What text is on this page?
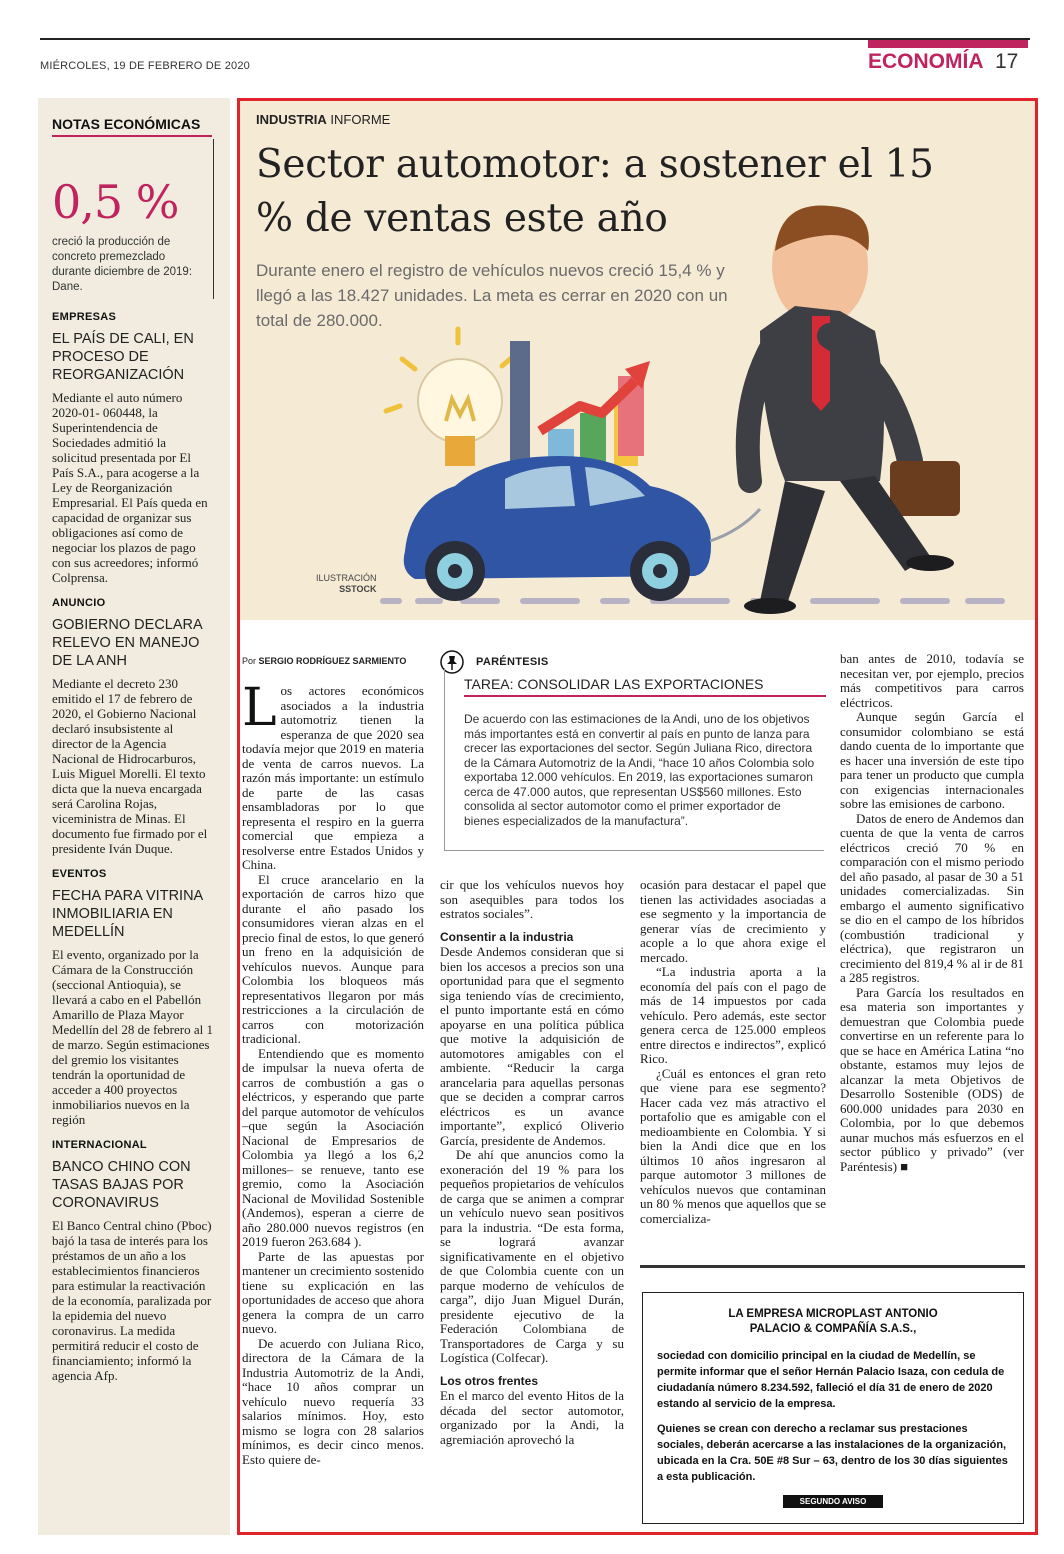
MIÉRCOLES, 19 DE FEBRERO DE 2020	ECONOMÍA 17
NOTAS ECONÓMICAS
0,5 %
creció la producción de concreto premezclado durante diciembre de 2019: Dane.
EMPRESAS
EL PAÍS DE CALI, EN PROCESO DE REORGANIZACIÓN
Mediante el auto número 2020-01- 060448, la Superintendencia de Sociedades admitió la solicitud presentada por El País S.A., para acogerse a la Ley de Reorganización Empresarial. El País queda en capacidad de organizar sus obligaciones así como de negociar los plazos de pago con sus acreedores; informó Colprensa.
ANUNCIO
GOBIERNO DECLARA RELEVO EN MANEJO DE LA ANH
Mediante el decreto 230 emitido el 17 de febrero de 2020, el Gobierno Nacional declaró insubsistente al director de la Agencia Nacional de Hidrocarburos, Luis Miguel Morelli. El texto dicta que la nueva encargada será Carolina Rojas, viceministra de Minas. El documento fue firmado por el presidente Iván Duque.
EVENTOS
FECHA PARA VITRINA INMOBILIARIA EN MEDELLÍN
El evento, organizado por la Cámara de la Construcción (seccional Antioquia), se llevará a cabo en el Pabellón Amarillo de Plaza Mayor Medellín del 28 de febrero al 1 de marzo. Según estimaciones del gremio los visitantes tendrán la oportunidad de acceder a 400 proyectos inmobiliarios nuevos en la región
INTERNACIONAL
BANCO CHINO CON TASAS BAJAS POR CORONAVIRUS
El Banco Central chino (Pboc) bajó la tasa de interés para los préstamos de un año a los establecimientos financieros para estimular la reactivación de la economía, paralizada por la epidemia del nuevo coronavirus. La medida permitirá reducir el costo de financiamiento; informó la agencia Afp.
INDUSTRIA INFORME
Sector automotor: a sostener el 15 % de ventas este año
Durante enero el registro de vehículos nuevos creció 15,4 % y llegó a las 18.427 unidades. La meta es cerrar en 2020 con un total de 280.000.
ILUSTRACIÓN
SSTOCK
Por SERGIO RODRÍGUEZ SARMIENTO

Los actores económicos asociados a la industria automotriz tienen la esperanza de que 2020 sea todavía mejor que 2019 en materia de venta de carros nuevos. La razón más importante: un estímulo de parte de las casas ensambladoras por lo que representa el respiro en la guerra comercial que empieza a resolverse entre Estados Unidos y China.

El cruce arancelario en la exportación de carros hizo que durante el año pasado los consumidores vieran alzas en el precio final de estos, lo que generó un freno en la adquisición de vehículos nuevos. Aunque para Colombia los bloqueos más representativos llegaron por más restricciones a la circulación de carros con motorización tradicional.

Entendiendo que es momento de impulsar la nueva oferta de carros de combustión a gas o eléctricos, y esperando que parte del parque automotor de vehículos –que según la Asociación Nacional de Empresarios de Colombia ya llegó a los 6,2 millones– se renueve, tanto ese gremio, como la Asociación Nacional de Movilidad Sostenible (Andemos), esperan a cierre de año 280.000 nuevos registros (en 2019 fueron 263.684 ).

Parte de las apuestas por mantener un crecimiento sostenido tiene su explicación en las oportunidades de acceso que ahora genera la compra de un carro nuevo.

De acuerdo con Juliana Rico, directora de la Cámara de la Industria Automotriz de la Andi, “hace 10 años comprar un vehículo nuevo requería 33 salarios mínimos. Hoy, esto mismo se logra con 28 salarios mínimos, es decir cinco menos. Esto quiere de-

PARÉNTESIS
TAREA: CONSOLIDAR LAS EXPORTACIONES
De acuerdo con las estimaciones de la Andi, uno de los objetivos más importantes está en convertir al país en punto de lanza para crecer las exportaciones del sector. Según Juliana Rico, directora de la Cámara Automotriz de la Andi, “hace 10 años Colombia solo exportaba 12.000 vehículos. En 2019, las exportaciones sumaron cerca de 47.000 autos, que representan US$560 millones. Esto consolida al sector automotor como el primer exportador de bienes especializados de la manufactura”.

cir que los vehículos nuevos hoy son asequibles para todos los estratos sociales”.

Consentir a la industria

Desde Andemos consideran que si bien los accesos a precios son una oportunidad para que el segmento siga teniendo vías de crecimiento, el punto importante está en cómo apoyarse en una política pública que motive la adquisición de automotores amigables con el ambiente. “Reducir la carga arancelaria para aquellas personas que se deciden a comprar carros eléctricos es un avance importante”, explicó Oliverio García, presidente de Andemos.

De ahí que anuncios como la exoneración del 19 % para los pequeños propietarios de vehículos de carga que se animen a comprar un vehículo nuevo sean positivos para la industria. “De esta forma, se logrará avanzar significativamente en el objetivo de que Colombia cuente con un parque moderno de vehículos de carga”, dijo Juan Miguel Durán, presidente ejecutivo de la Federación Colombiana de Transportadores de Carga y su Logística (Colfecar).

Los otros frentes

En el marco del evento Hitos de la década del sector automotor, organizado por la Andi, la agremiación aprovechó la

ocasión para destacar el papel que tienen las actividades asociadas a ese segmento y la importancia de generar vías de crecimiento y acople a lo que ahora exige el mercado.

“La industria aporta a la economía del país con el pago de más de 14 impuestos por cada vehículo. Pero además, este sector genera cerca de 125.000 empleos entre directos e indirectos”, explicó Rico.

¿Cuál es entonces el gran reto que viene para ese segmento? Hacer cada vez más atractivo el portafolio que es amigable con el medioambiente en Colombia. Y si bien la Andi dice que en los últimos 10 años ingresaron al parque automotor 3 millones de vehículos nuevos que contaminan un 80 % menos que aquellos que se comercializa-

ban antes de 2010, todavía se necesitan ver, por ejemplo, precios más competitivos para carros eléctricos.

Aunque según García el consumidor colombiano se está dando cuenta de lo importante que es hacer una inversión de este tipo para tener un producto que cumpla con exigencias internacionales sobre las emisiones de carbono.

Datos de enero de Andemos dan cuenta de que la venta de carros eléctricos creció 70 % en comparación con el mismo periodo del año pasado, al pasar de 30 a 51 unidades comercializadas. Sin embargo el aumento significativo se dio en el campo de los híbridos (combustión tradicional y eléctrica), que registraron un crecimiento del 819,4 % al ir de 81 a 285 registros.

Para García los resultados en esa materia son importantes y demuestran que Colombia puede convertirse en un referente para lo que se hace en América Latina “no obstante, estamos muy lejos de alcanzar la meta Objetivos de Desarrollo Sostenible (ODS) de 600.000 unidades para 2030 en Colombia, por lo que debemos aunar muchos más esfuerzos en el sector público y privado” (ver Paréntesis) ■

LA EMPRESA MICROPLAST ANTONIO
PALACIO & COMPAÑÍA S.A.S.,
sociedad con domicilio principal en la ciudad de Medellín, se permite informar que el señor Hernán Palacio Isaza, con cedula de ciudadanía número 8.234.592, falleció el día 31 de enero de 2020 estando al servicio de la empresa.
Quienes se crean con derecho a reclamar sus prestaciones sociales, deberán acercarse a las instalaciones de la organización, ubicada en la Cra. 50E #8 Sur – 63, dentro de los 30 días siguientes a esta publicación.
SEGUNDO AVISO
